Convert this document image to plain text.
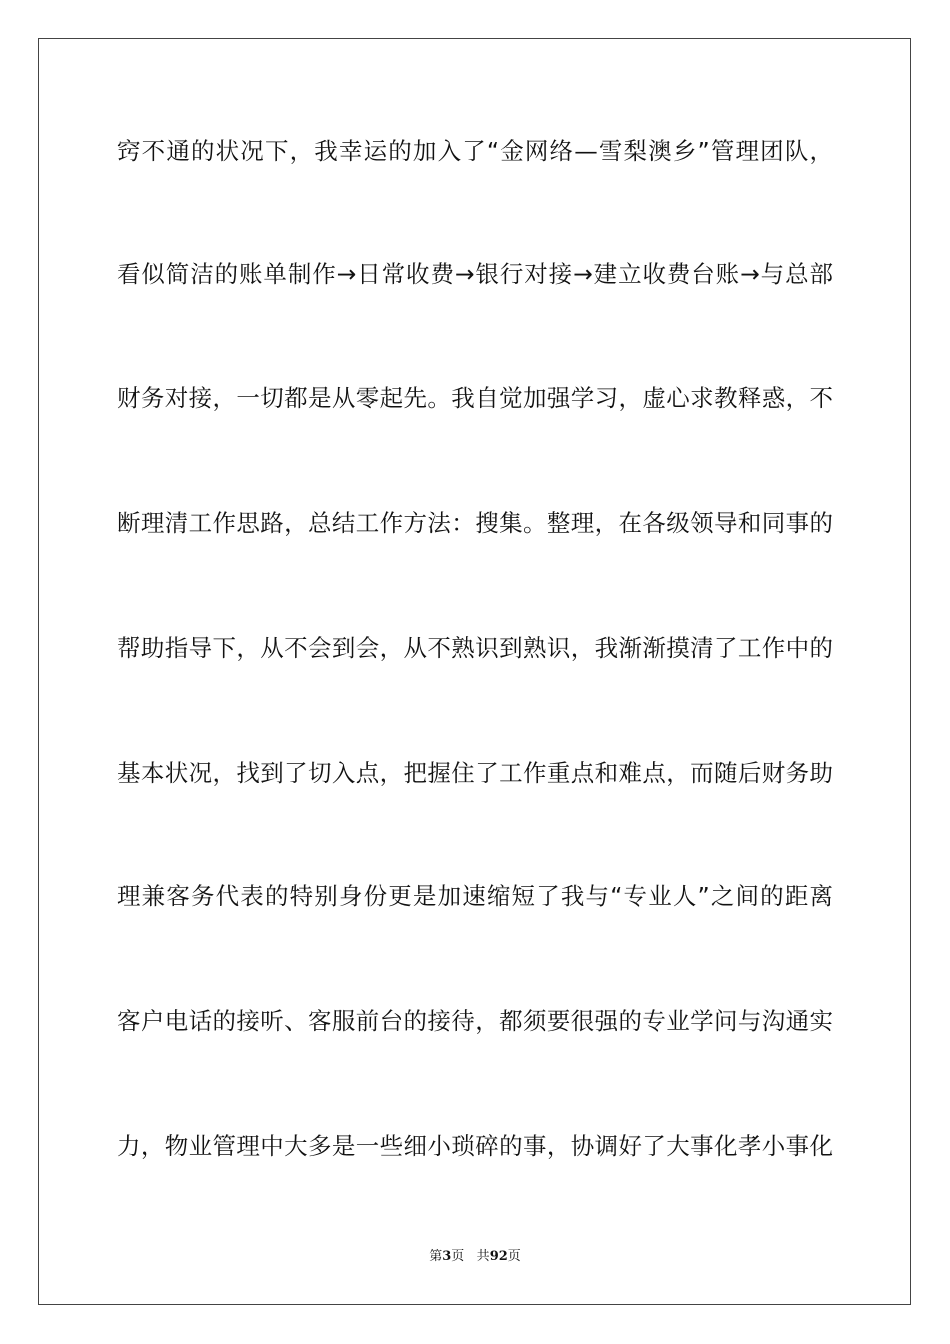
窍不通的状况下，我幸运的加入了“金网络—雪梨澳乡”管理团队，
看似简洁的账单制作→日常收费→银行对接→建立收费台账→与总部
财务对接，一切都是从零起先。我自觉加强学习，虚心求教释惑，不
断理清工作思路，总结工作方法：搜集。整理，在各级领导和同事的
帮助指导下，从不会到会，从不熟识到熟识，我渐渐摸清了工作中的
基本状况，找到了切入点，把握住了工作重点和难点，而随后财务助
理兼客务代表的特别身份更是加速缩短了我与“专业人”之间的距离
客户电话的接听、客服前台的接待，都须要很强的专业学问与沟通实
力，物业管理中大多是一些细小琐碎的事，协调好了大事化孝小事化
第3页 共92页
